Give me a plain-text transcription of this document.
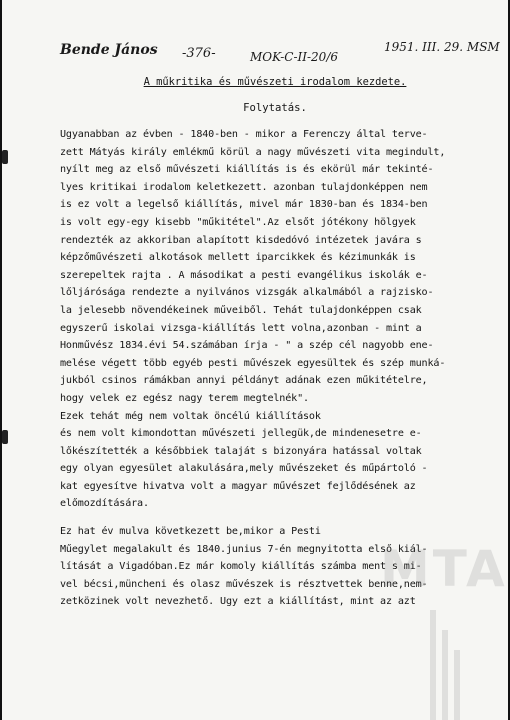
Bende János -376-	MOK-C-II-20/6
1951. III. 29. MSM
A műkritika és művészeti irodalom kezdete.
Folytatás.
Ugyanabban az évben - 1840-ben - mikor a Ferenczy által terve-
zett Mátyás király emlékmű körül a nagy művészeti vita megindult,
nyílt meg az első művészeti kiállítás is és ekörül már tekinté-
lyes kritikai irodalom keletkezett. azonban tulajdonképpen nem
is ez volt a legelső kiállítás, mivel már 1830-ban és 1834-ben
is volt egy-egy kisebb "műkitétel".Az elsőt jótékony hölgyek
rendezték az akkoriban alapított kisdedóvó intézetek javára s
képzőművészeti alkotások mellett iparcikkek és kézimunkák is
szerepeltek rajta . A másodikat a pesti evangélikus iskolák e-
lőljárósága rendezte a nyilvános vizsgák alkalmából a rajzisko-
la jelesebb növendékeinek műveiből. Tehát tulajdonképpen csak
egyszerű iskolai vizsga-kiállítás lett volna,azonban - mint a
Honművész 1834.évi 54.számában írja - " a szép cél nagyobb ene-
melése végett több egyéb pesti művészek egyesültek és szép munká-
jukból csinos rámákban annyi példányt adának ezen műkitételre,
hogy velek ez egész nagy terem megtelnék".
Ezek tehát még nem voltak öncélú kiállítások
és nem volt kimondottan művészeti jellegük,de mindenesetre e-
lőkészítették a későbbiek talaját s bizonyára hatással voltak
egy olyan egyesület alakulására,mely művészeket és műpártoló -
kat egyesítve hivatva volt a magyar művészet fejlődésének az
előmozdítására.
Ez hat év mulva következett be,mikor a Pesti
Műegylet megalakult és 1840.junius 7-én megnyitotta első kiál-
lítását a Vigadóban.Ez már komoly kiállítás számba ment s mi-
vel bécsi,müncheni és olasz művészek is résztvettek benne,nem-
zetközinek volt nevezhető. Ugy ezt a kiállítást, mint az azt
MTA
